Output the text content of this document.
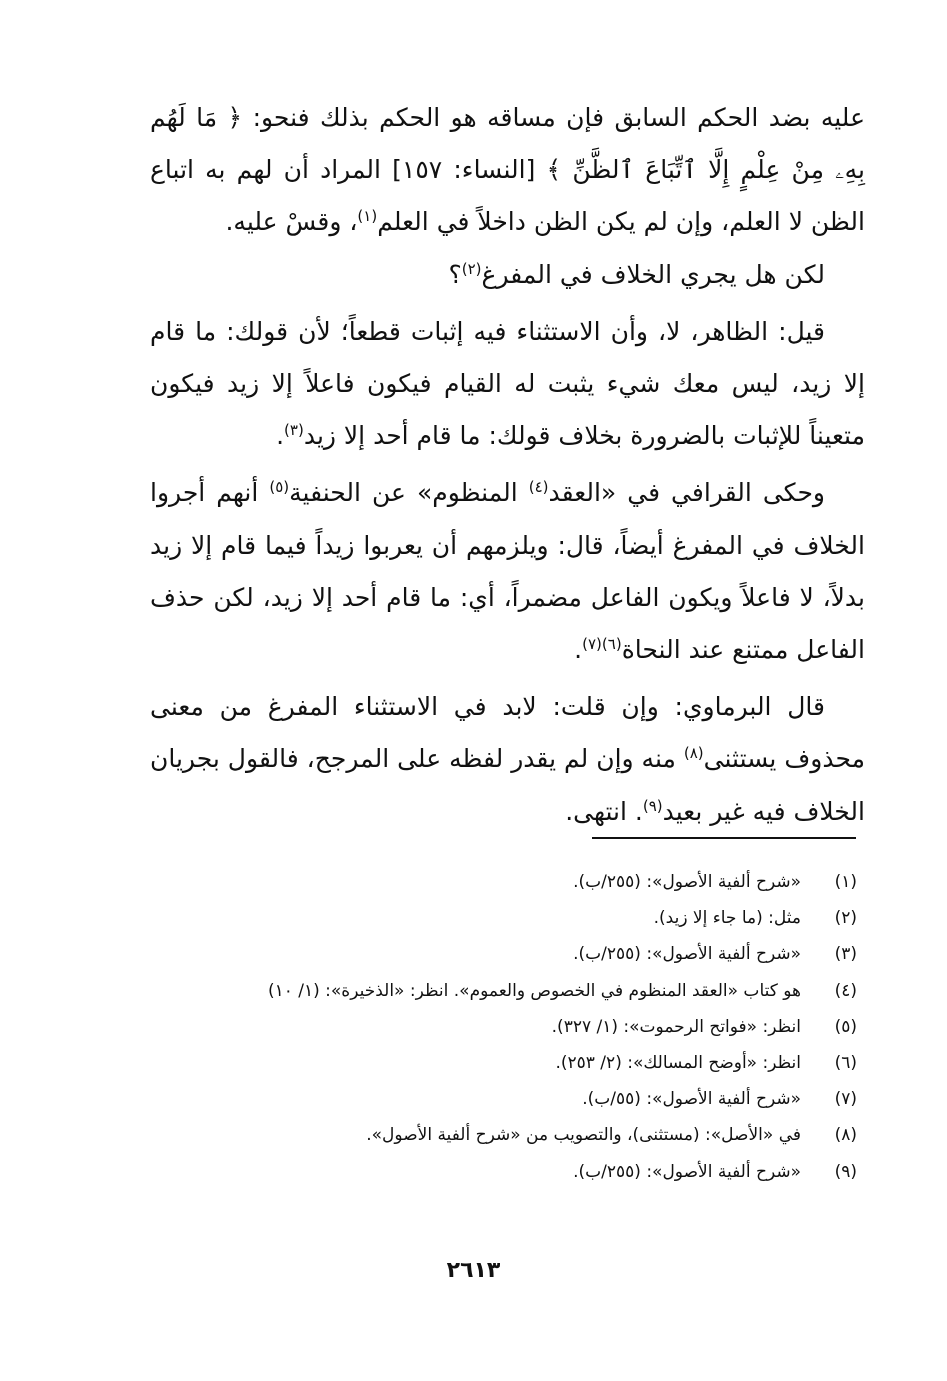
عليه بضد الحكم السابق فإن مساقه هو الحكم بذلك فنحو: ﴿ مَا لَهُم بِهِۦ مِنْ عِلْمٍ إِلَّا ٱتِّبَاعَ ٱلظَّنِّ ﴾ [النساء: ١٥٧] المراد أن لهم به اتباع الظن لا العلم، وإن لم يكن الظن داخلاً في العلم$^{(١)}$، وقسْ عليه.

لكن هل يجري الخلاف في المفرغ$^{(٢)}$؟

قيل: الظاهر، لا، وأن الاستثناء فيه إثبات قطعاً؛ لأن قولك: ما قام إلا زيد، ليس معك شيء يثبت له القيام فيكون فاعلاً إلا زيد فيكون متعيناً للإثبات بالضرورة بخلاف قولك: ما قام أحد إلا زيد$^{(٣)}$.

وحكى القرافي في «العقد$^{(٤)}$ المنظوم» عن الحنفية$^{(٥)}$ أنهم أجروا الخلاف في المفرغ أيضاً، قال: ويلزمهم أن يعربوا زيداً فيما قام إلا زيد بدلاً، لا فاعلاً ويكون الفاعل مضمراً، أي: ما قام أحد إلا زيد، لكن حذف الفاعل ممتنع عند النحاة$^{(٦)(٧)}$.

قال البرماوي: وإن قلت: لابد في الاستثناء المفرغ من معنى محذوف يستثنى$^{(٨)}$ منه وإن لم يقدر لفظه على المرجح، فالقول بجريان الخلاف فيه غير بعيد$^{(٩)}$. انتهى.

(١)«شرح ألفية الأصول»: (٢٥٥/ب).
(٢)مثل: (ما جاء إلا زيد).
(٣)«شرح ألفية الأصول»: (٢٥٥/ب).
(٤)هو كتاب «العقد المنظوم في الخصوص والعموم». انظر: «الذخيرة»: (١/ ١٠)
(٥)انظر: «فواتح الرحموت»: (١/ ٣٢٧).
(٦)انظر: «أوضح المسالك»: (٢/ ٢٥٣).
(٧)«شرح ألفية الأصول»: (٥٥/ب).
(٨)في «الأصل»: (مستثنى)، والتصويب من «شرح ألفية الأصول».
(٩)«شرح ألفية الأصول»: (٢٥٥/ب).
٢٦١٣
